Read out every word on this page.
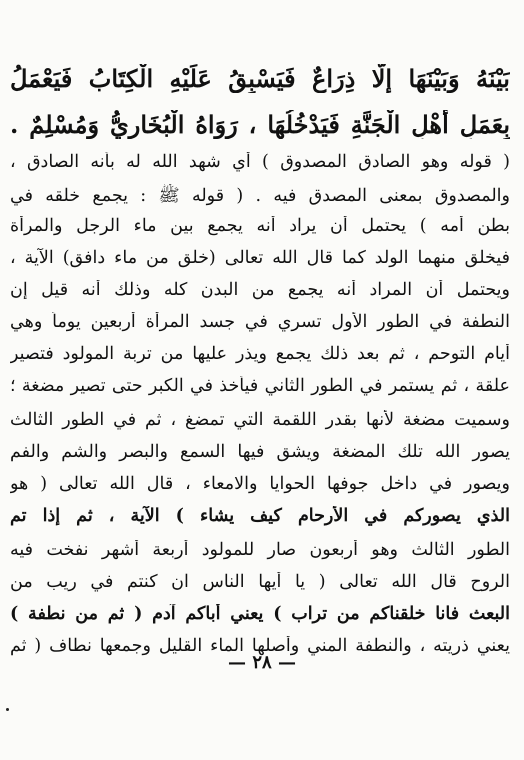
بَيْنَهُ وَبَيْنَهَا إِلَّا ذِرَاعٌ فَيَسْبِقُ عَلَيْهِ الْكِتَابُ فَيَعْمَلُ
بِعَمَلِ أَهْلِ الْجَنَّةِ فَيَدْخُلُهَا ، رَوَاهُ الْبُخَارِيُّ وَمُسْلِمٌ .
( قوله وهو الصادق المصدوق ) أي شهد الله له بأنه الصادق ،
والمصدوق بمعنى المصدق فيه . ( قوله ﷺ : يجمع خلقه في
بطن أمه ) يحتمل أن يراد أنه يجمع بين ماء الرجل والمرأة
فيخلق منهما الولد كما قال الله تعالى (خلق من ماء دافق) الآية ،
ويحتمل أن المراد أنه يجمع من البدن كله وذلك أنه قيل إن
النطفة في الطور الأول تسري في جسد المرأة أربعين يوماً وهي
أيام التوحم ، ثم بعد ذلك يجمع ويذر عليها من تربة المولود فتصير
علقة ، ثم يستمر في الطور الثاني فيأخذ في الكبر حتى تصير مضغة ؛
وسميت مضغة لأنها بقدر اللقمة التي تمضغ ، ثم في الطور الثالث
يصور الله تلك المضغة ويشق فيها السمع والبصر والشم والفم
ويصور في داخل جوفها الحوايا والامعاء ، قال الله تعالى ( هو
الذي يصوركم في الأرحام كيف يشاء ) الآية ، ثم إذا تم
الطور الثالث وهو أربعون صار للمولود أربعة أشهر نفخت فيه
الروح قال الله تعالى ( يا أيها الناس ان كنتم في ريب من
البعث فانا خلقناكم من تراب ) يعني أباكم آدم ( ثم من نطفة )
يعني ذريته ، والنطفة المني وأصلها الماء القليل وجمعها نطاف ( ثم
— ٢٨ —
